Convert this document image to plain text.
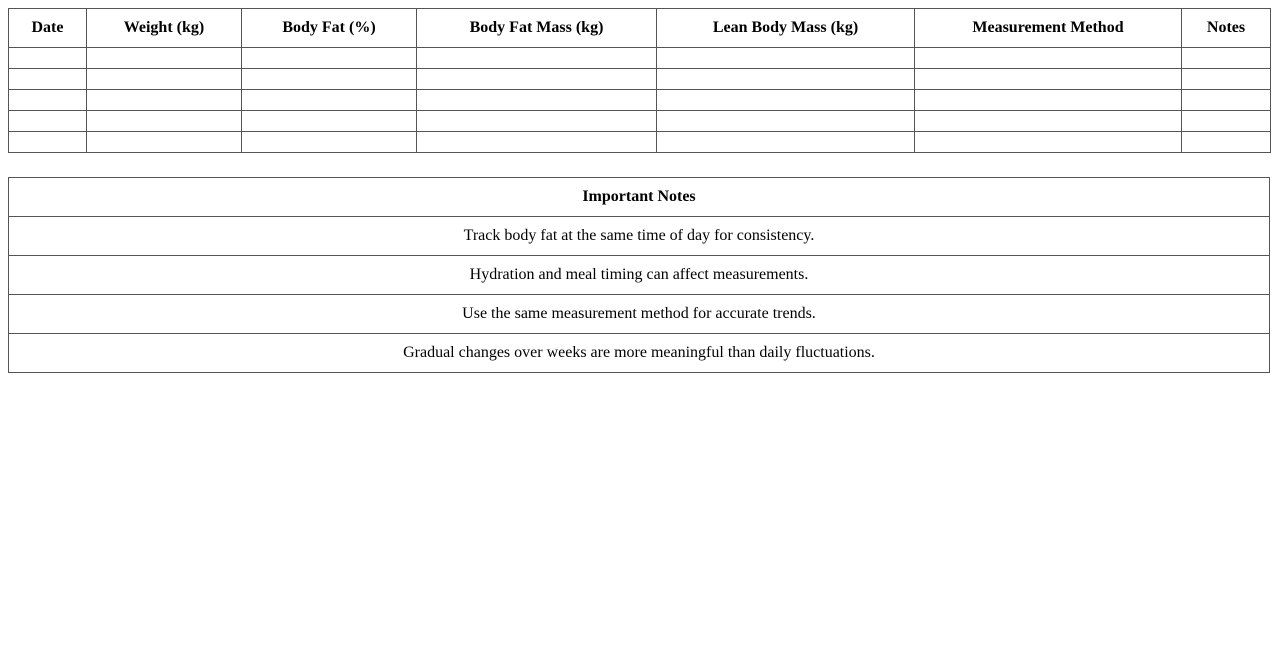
Date	Weight (kg)	Body Fat (%)	Body Fat Mass (kg)	Lean Body Mass (kg)	Measurement Method	Notes

Important Notes
Track body fat at the same time of day for consistency.
Hydration and meal timing can affect measurements.
Use the same measurement method for accurate trends.
Gradual changes over weeks are more meaningful than daily fluctuations.
